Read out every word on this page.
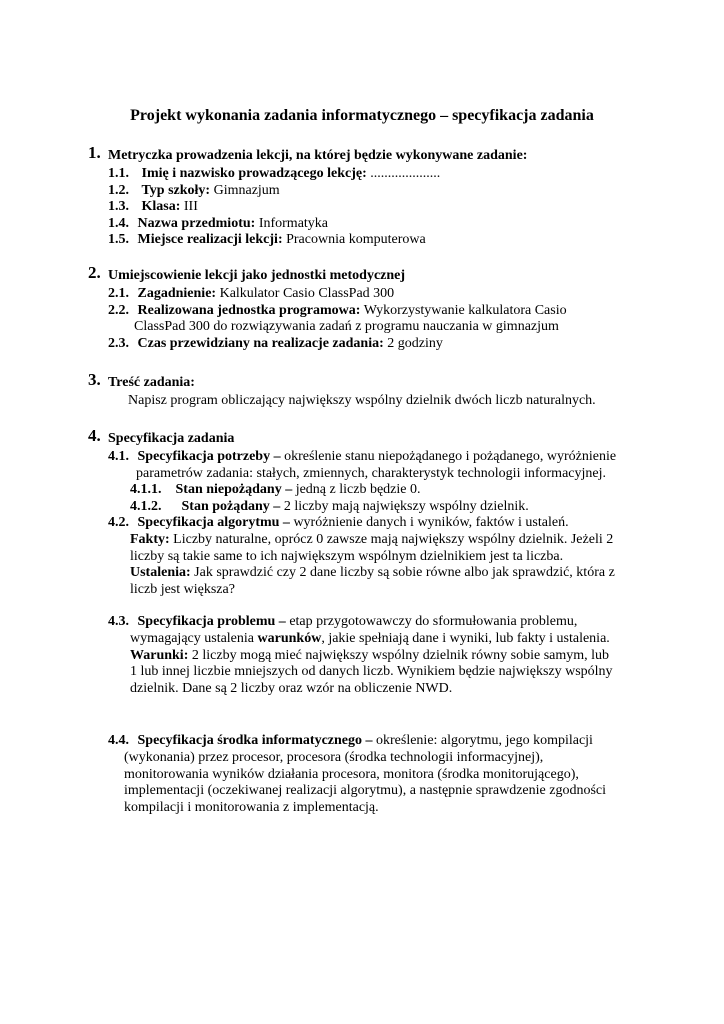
Projekt wykonania zadania informatycznego – specyfikacja zadania
1. Metryczka prowadzenia lekcji, na której będzie wykonywane zadanie:
1.1. Imię i nazwisko prowadzącego lekcję: ....................
1.2. Typ szkoły: Gimnazjum
1.3. Klasa: III
1.4. Nazwa przedmiotu: Informatyka
1.5. Miejsce realizacji lekcji: Pracownia komputerowa
2. Umiejscowienie lekcji jako jednostki metodycznej
2.1. Zagadnienie: Kalkulator Casio ClassPad 300
2.2. Realizowana jednostka programowa: Wykorzystywanie kalkulatora Casio
ClassPad 300 do rozwiązywania zadań z programu nauczania w gimnazjum
2.3. Czas przewidziany na realizacje zadania: 2 godziny
3. Treść zadania:
Napisz program obliczający największy wspólny dzielnik dwóch liczb naturalnych.
4. Specyfikacja zadania
4.1. Specyfikacja potrzeby – określenie stanu niepożądanego i pożądanego, wyróżnienie
parametrów zadania: stałych, zmiennych, charakterystyk technologii informacyjnej.
4.1.1. Stan niepożądany – jedną z liczb będzie 0.
4.1.2. Stan pożądany – 2 liczby mają największy wspólny dzielnik.
4.2. Specyfikacja algorytmu – wyróżnienie danych i wyników, faktów i ustaleń.
Fakty: Liczby naturalne, oprócz 0 zawsze mają największy wspólny dzielnik. Jeżeli 2
liczby są takie same to ich największym wspólnym dzielnikiem jest ta liczba.
Ustalenia: Jak sprawdzić czy 2 dane liczby są sobie równe albo jak sprawdzić, która z
liczb jest większa?
4.3. Specyfikacja problemu – etap przygotowawczy do sformułowania problemu,
wymagający ustalenia warunków, jakie spełniają dane i wyniki, lub fakty i ustalenia.
Warunki: 2 liczby mogą mieć największy wspólny dzielnik równy sobie samym, lub
1 lub innej liczbie mniejszych od danych liczb. Wynikiem będzie największy wspólny
dzielnik. Dane są 2 liczby oraz wzór na obliczenie NWD.
4.4. Specyfikacja środka informatycznego – określenie: algorytmu, jego kompilacji
(wykonania) przez procesor, procesora (środka technologii informacyjnej),
monitorowania wyników działania procesora, monitora (środka monitorującego),
implementacji (oczekiwanej realizacji algorytmu), a następnie sprawdzenie zgodności
kompilacji i monitorowania z implementacją.
